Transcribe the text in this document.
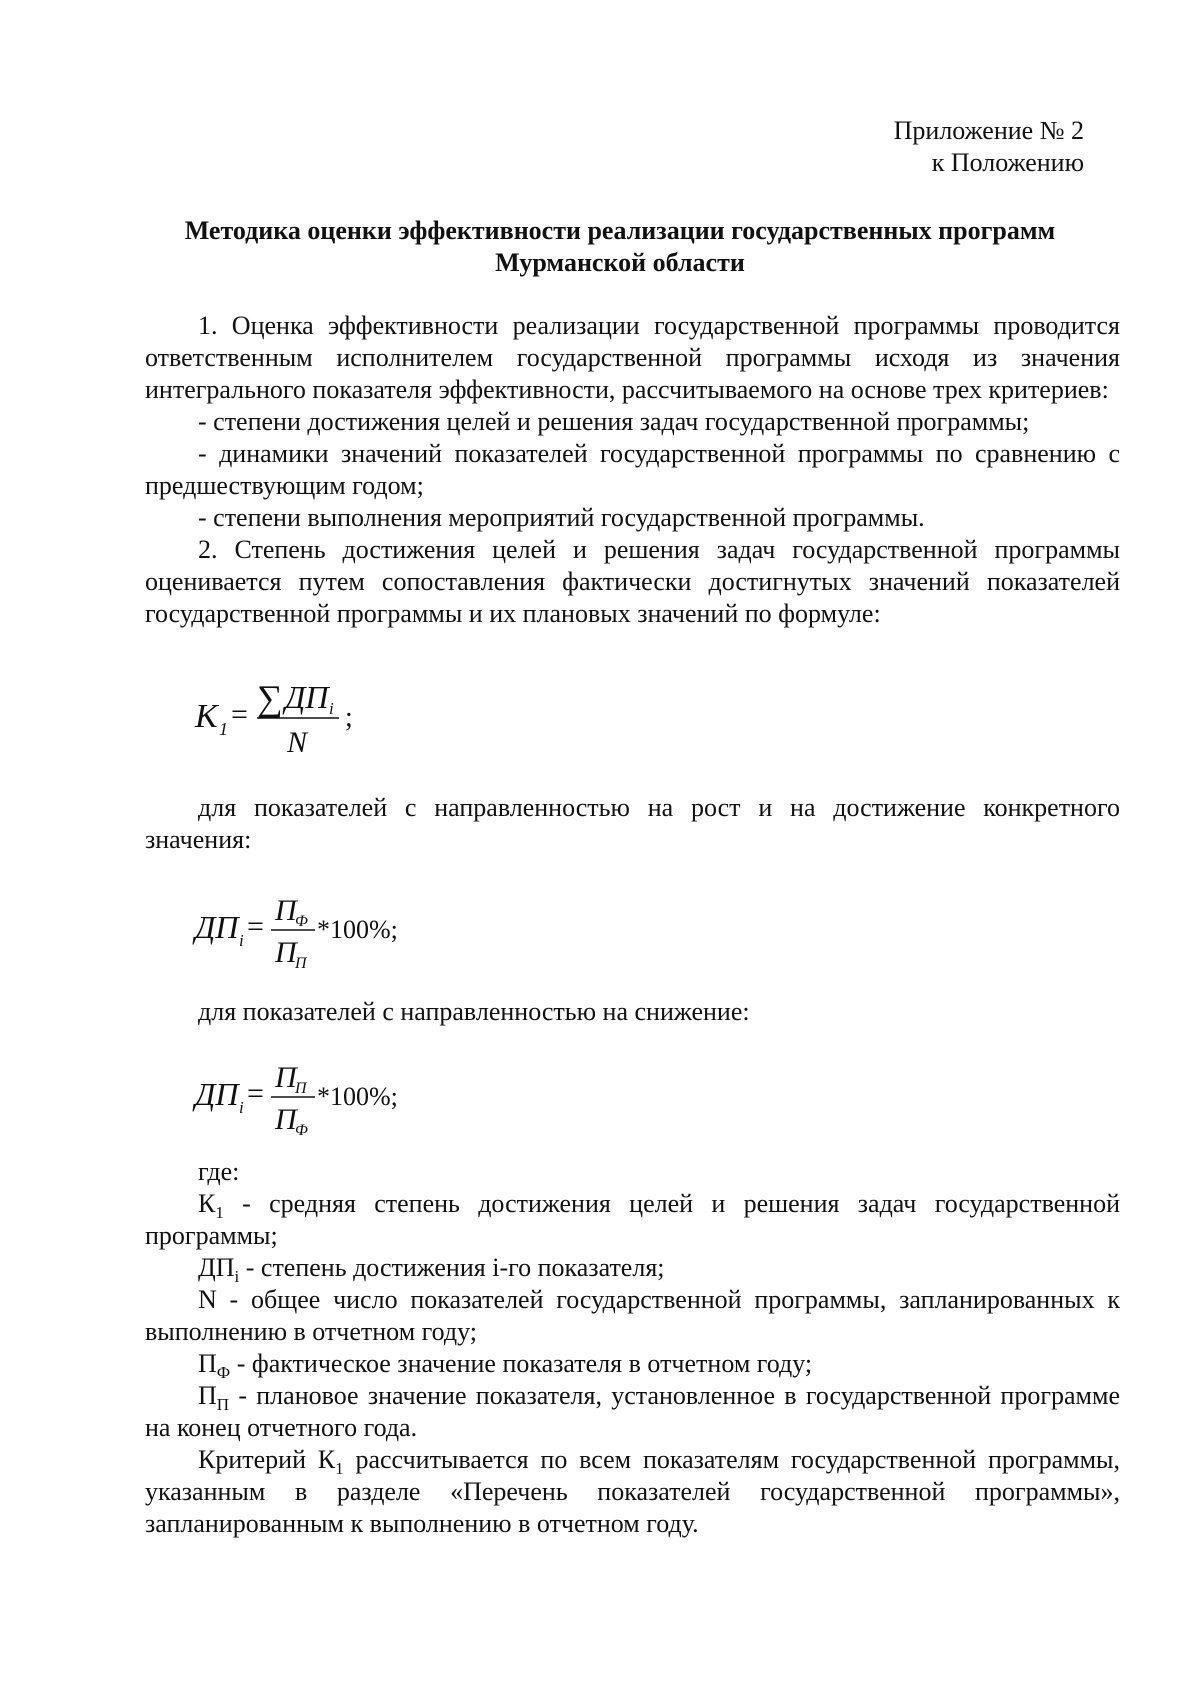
Приложение № 2
к Положению
Методика оценки эффективности реализации государственных программ
Мурманской области

1. Оценка эффективности реализации государственной программы проводится ответственным исполнителем государственной программы исходя из значения интегрального показателя эффективности, рассчитываемого на основе трех критериев:

- степени достижения целей и решения задач государственной программы;

- динамики значений показателей государственной программы по сравнению с предшествующим годом;

- степени выполнения мероприятий государственной программы.

2. Степень достижения целей и решения задач государственной программы оценивается путем сопоставления фактически достигнутых значений показателей государственной программы и их плановых значений по формуле:

K 1 = ∑ ДП i
N
;

для показателей с направленностью на рост и на достижение конкретного значения:

ДП i = П
Ф
П
П
*100%;

для показателей с направленностью на снижение:

ДП i = П
П
П
Ф
*100%;

где:

$К_1$ - средняя степень достижения целей и решения задач государственной программы;

$ДП_i$ - степень достижения i-го показателя;

N - общее число показателей государственной программы, запланированных к выполнению в отчетном году;

$П_Ф$ - фактическое значение показателя в отчетном году;

$П_П$ - плановое значение показателя, установленное в государственной программе на конец отчетного года.

Критерий $К_1$ рассчитывается по всем показателям государственной программы, указанным в разделе «Перечень показателей государственной программы», запланированным к выполнению в отчетном году.
